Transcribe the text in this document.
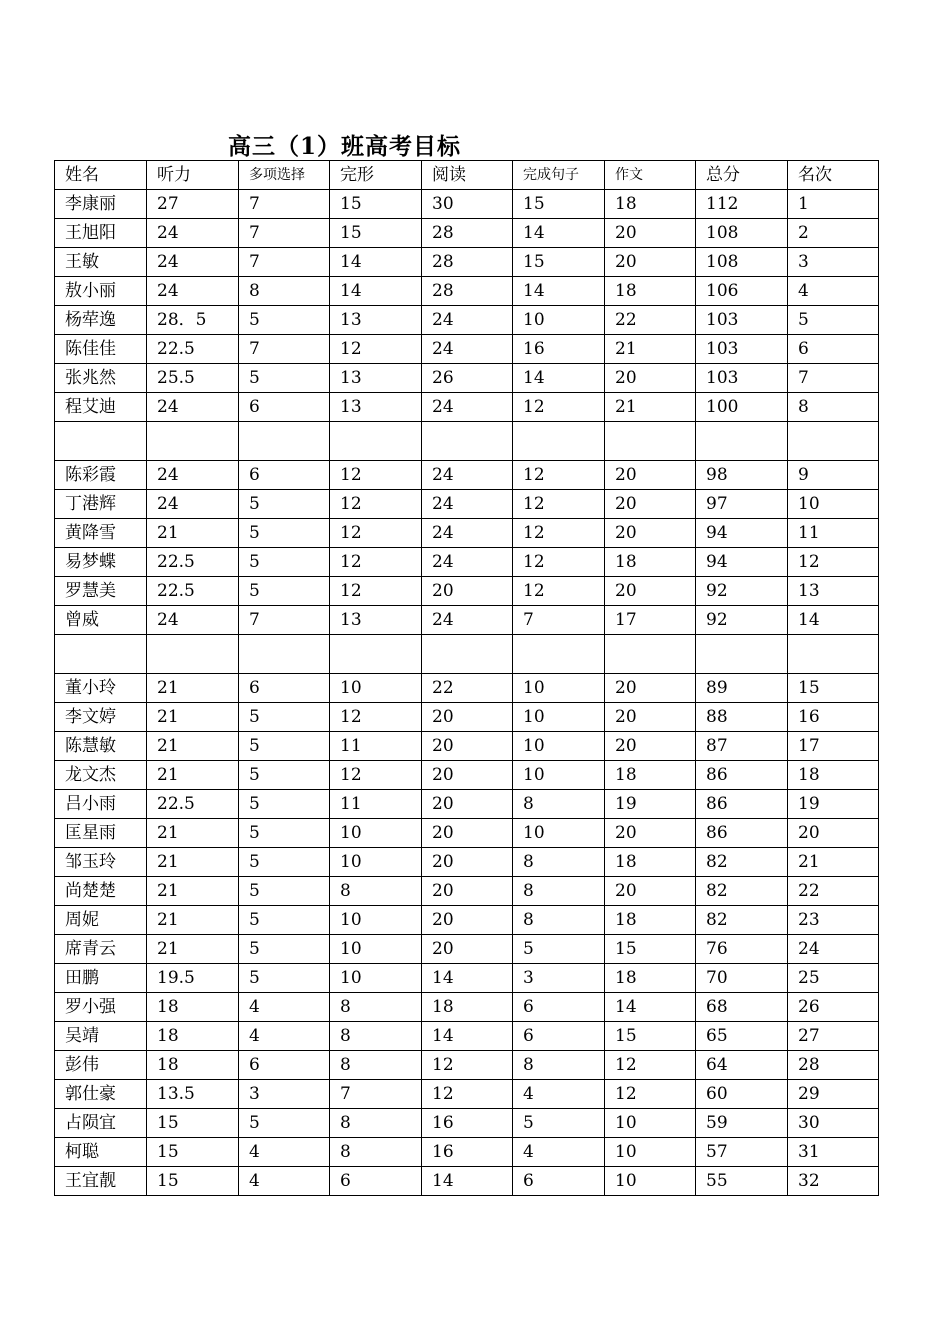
高三（1）班高考目标
姓名	听力	多项选择	完形	阅读	完成句子	作文	总分	名次
李康丽	27	7	15	30	15	18	112	1
王旭阳	24	7	15	28	14	20	108	2
王敏	24	7	14	28	15	20	108	3
敖小丽	24	8	14	28	14	18	106	4
杨荦逸	28．5	5	13	24	10	22	103	5
陈佳佳	22.5	7	12	24	16	21	103	6
张兆然	25.5	5	13	26	14	20	103	7
程艾迪	24	6	13	24	12	21	100	8

陈彩霞	24	6	12	24	12	20	98	9
丁港辉	24	5	12	24	12	20	97	10
黄降雪	21	5	12	24	12	20	94	11
易梦蝶	22.5	5	12	24	12	18	94	12
罗慧美	22.5	5	12	20	12	20	92	13
曾威	24	7	13	24	7	17	92	14

董小玲	21	6	10	22	10	20	89	15
李文婷	21	5	12	20	10	20	88	16
陈慧敏	21	5	11	20	10	20	87	17
龙文杰	21	5	12	20	10	18	86	18
吕小雨	22.5	5	11	20	8	19	86	19
匡星雨	21	5	10	20	10	20	86	20
邹玉玲	21	5	10	20	8	18	82	21
尚楚楚	21	5	8	20	8	20	82	22
周妮	21	5	10	20	8	18	82	23
席青云	21	5	10	20	5	15	76	24
田鹏	19.5	5	10	14	3	18	70	25
罗小强	18	4	8	18	6	14	68	26
吴靖	18	4	8	14	6	15	65	27
彭伟	18	6	8	12	8	12	64	28
郭仕豪	13.5	3	7	12	4	12	60	29
占陨宜	15	5	8	16	5	10	59	30
柯聪	15	4	8	16	4	10	57	31
王宜靓	15	4	6	14	6	10	55	32
